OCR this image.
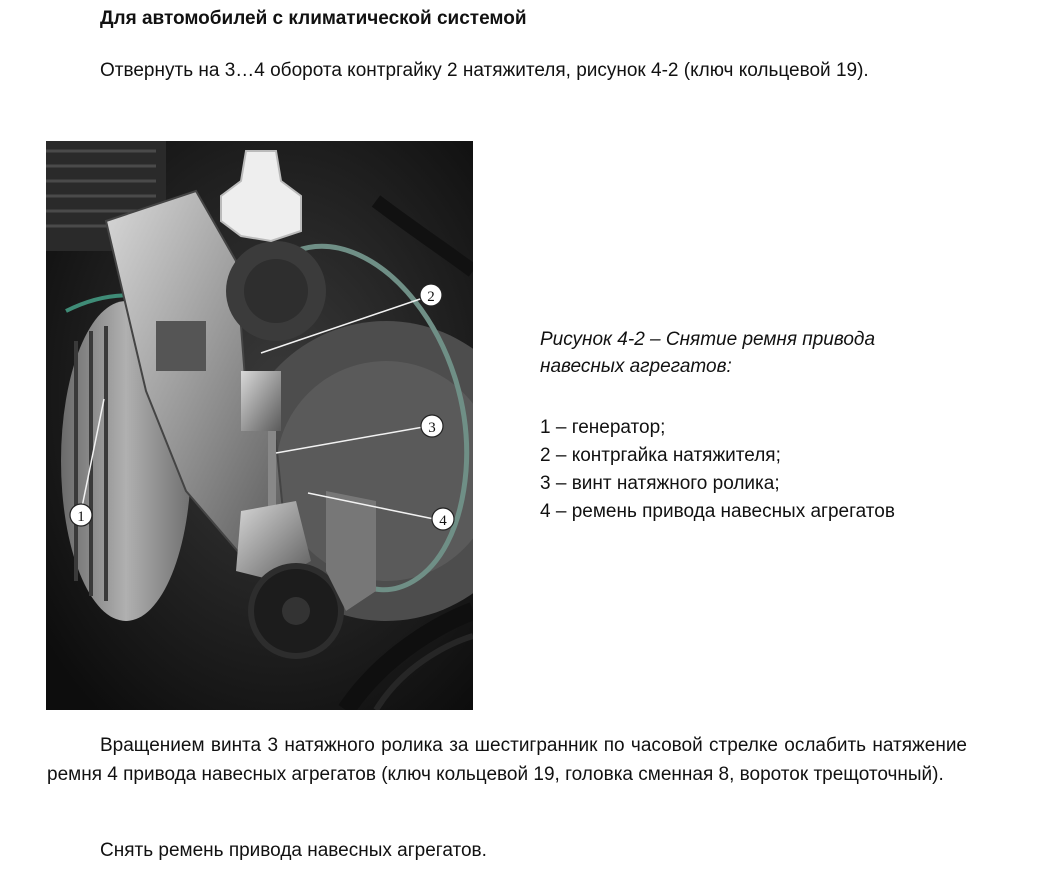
Для автомобилей с климатической системой

Отвернуть на 3…4 оборота контргайку 2 натяжителя, рисунок 4-2 (ключ кольцевой 19).

2
3
4
1
Рисунок 4-2 – Снятие ремня привода
навесных агрегатов:
1 – генератор;
2 – контргайка натяжителя;
3 – винт натяжного ролика;
4 – ремень привода навесных агрегатов

Вращением винта 3 натяжного ролика за шестигранник по часовой стрелке ослабить натяжение ремня 4 привода навесных агрегатов (ключ кольцевой 19, головка сменная 8, вороток трещоточный).

Снять ремень привода навесных агрегатов.
